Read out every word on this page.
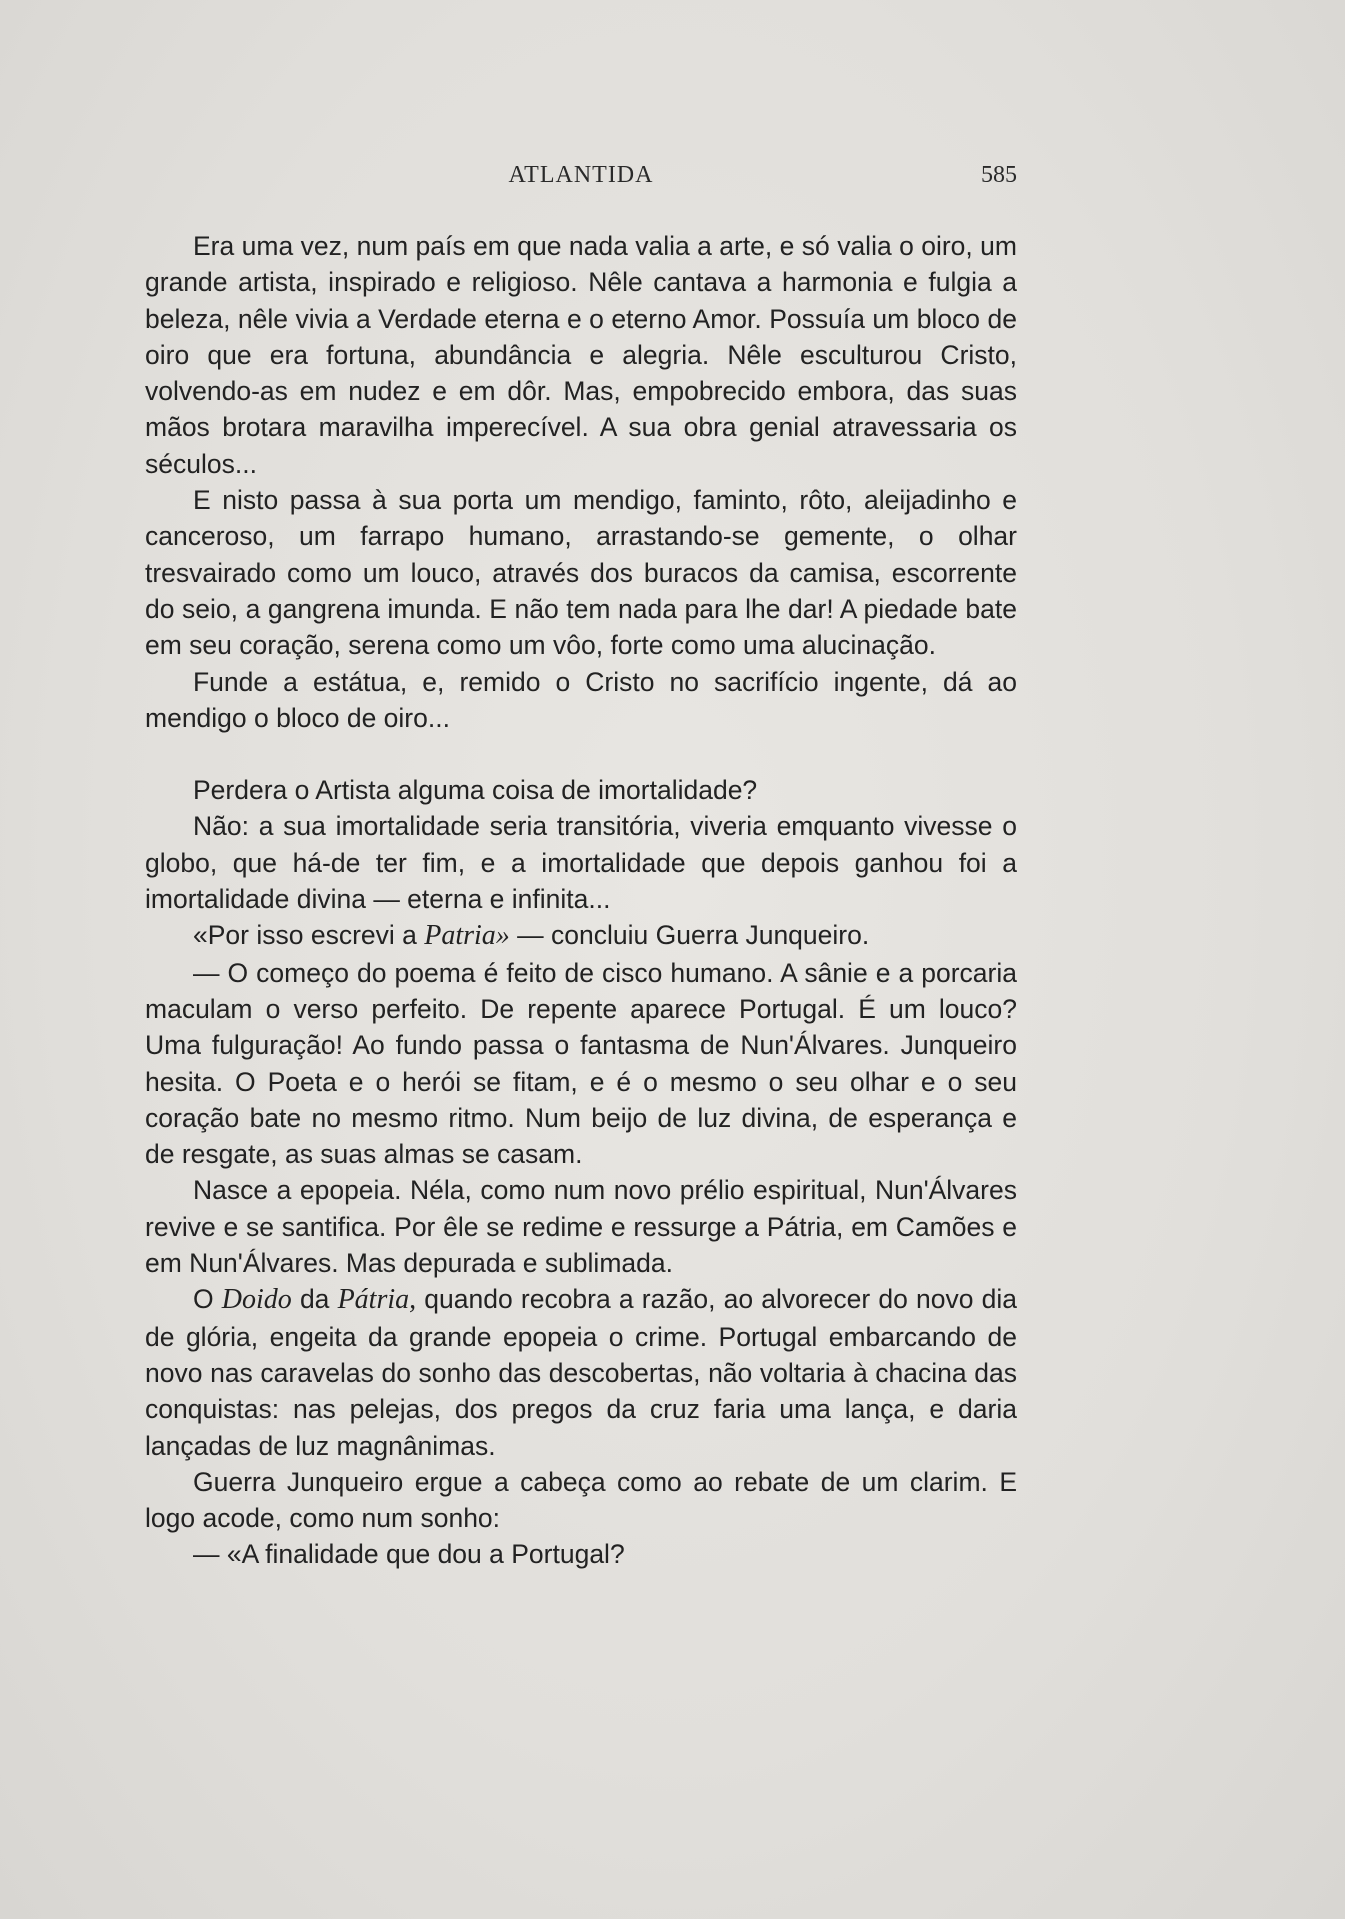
ATLANTIDA	585

Era uma vez, num país em que nada valia a arte, e só valia o oiro, um grande artista, inspirado e religioso. Nêle cantava a harmonia e fulgia a beleza, nêle vivia a Verdade eterna e o eterno Amor. Possuía um bloco de oiro que era fortuna, abundância e alegria. Nêle esculturou Cristo, volvendo-as em nudez e em dôr. Mas, empobrecido embora, das suas mãos brotara maravilha imperecível. A sua obra genial atravessaria os séculos...

E nisto passa à sua porta um mendigo, faminto, rôto, aleijadinho e canceroso, um farrapo humano, arrastando-se gemente, o olhar tresvairado como um louco, através dos buracos da camisa, escorrente do seio, a gangrena imunda. E não tem nada para lhe dar! A piedade bate em seu coração, serena como um vôo, forte como uma alucinação.

Funde a estátua, e, remido o Cristo no sacrifício ingente, dá ao mendigo o bloco de oiro...

Perdera o Artista alguma coisa de imortalidade?

Não: a sua imortalidade seria transitória, viveria emquanto vivesse o globo, que há-de ter fim, e a imortalidade que depois ganhou foi a imortalidade divina — eterna e infinita...

«Por isso escrevi a Patria» — concluiu Guerra Junqueiro.

— O começo do poema é feito de cisco humano. A sânie e a porcaria maculam o verso perfeito. De repente aparece Portugal. É um louco? Uma fulguração! Ao fundo passa o fantasma de Nun'Álvares. Junqueiro hesita. O Poeta e o herói se fitam, e é o mesmo o seu olhar e o seu coração bate no mesmo ritmo. Num beijo de luz divina, de esperança e de resgate, as suas almas se casam.

Nasce a epopeia. Néla, como num novo prélio espiritual, Nun'Álvares revive e se santifica. Por êle se redime e ressurge a Pátria, em Camões e em Nun'Álvares. Mas depurada e sublimada.

O Doido da Pátria, quando recobra a razão, ao alvorecer do novo dia de glória, engeita da grande epopeia o crime. Portugal embarcando de novo nas caravelas do sonho das descobertas, não voltaria à chacina das conquistas: nas pelejas, dos pregos da cruz faria uma lança, e daria lançadas de luz magnânimas.

Guerra Junqueiro ergue a cabeça como ao rebate de um clarim. E logo acode, como num sonho:

— «A finalidade que dou a Portugal?
